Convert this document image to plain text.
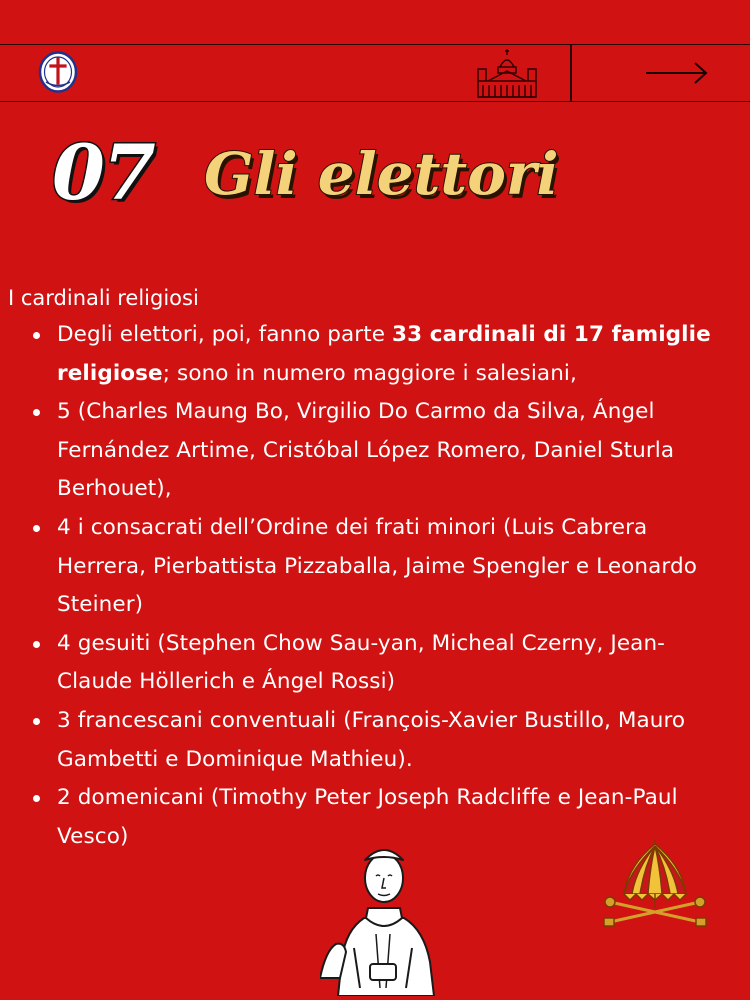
07 Gli elettori

I cardinali religiosi

Degli elettori, poi, fanno parte 33 cardinali di 17 famiglie religiose; sono in numero maggiore i salesiani,
5 (Charles Maung Bo, Virgilio Do Carmo da Silva, Ángel Fernández Artime, Cristóbal López Romero, Daniel Sturla Berhouet),
4 i consacrati dell’Ordine dei frati minori (Luis Cabrera Herrera, Pierbattista Pizzaballa, Jaime Spengler e Leonardo Steiner)
4 gesuiti (Stephen Chow Sau-yan, Micheal Czerny, Jean-Claude Höllerich e Ángel Rossi)
3 francescani conventuali (François-Xavier Bustillo, Mauro Gambetti e Dominique Mathieu).
2 domenicani (Timothy Peter Joseph Radcliffe e Jean-Paul Vesco)
